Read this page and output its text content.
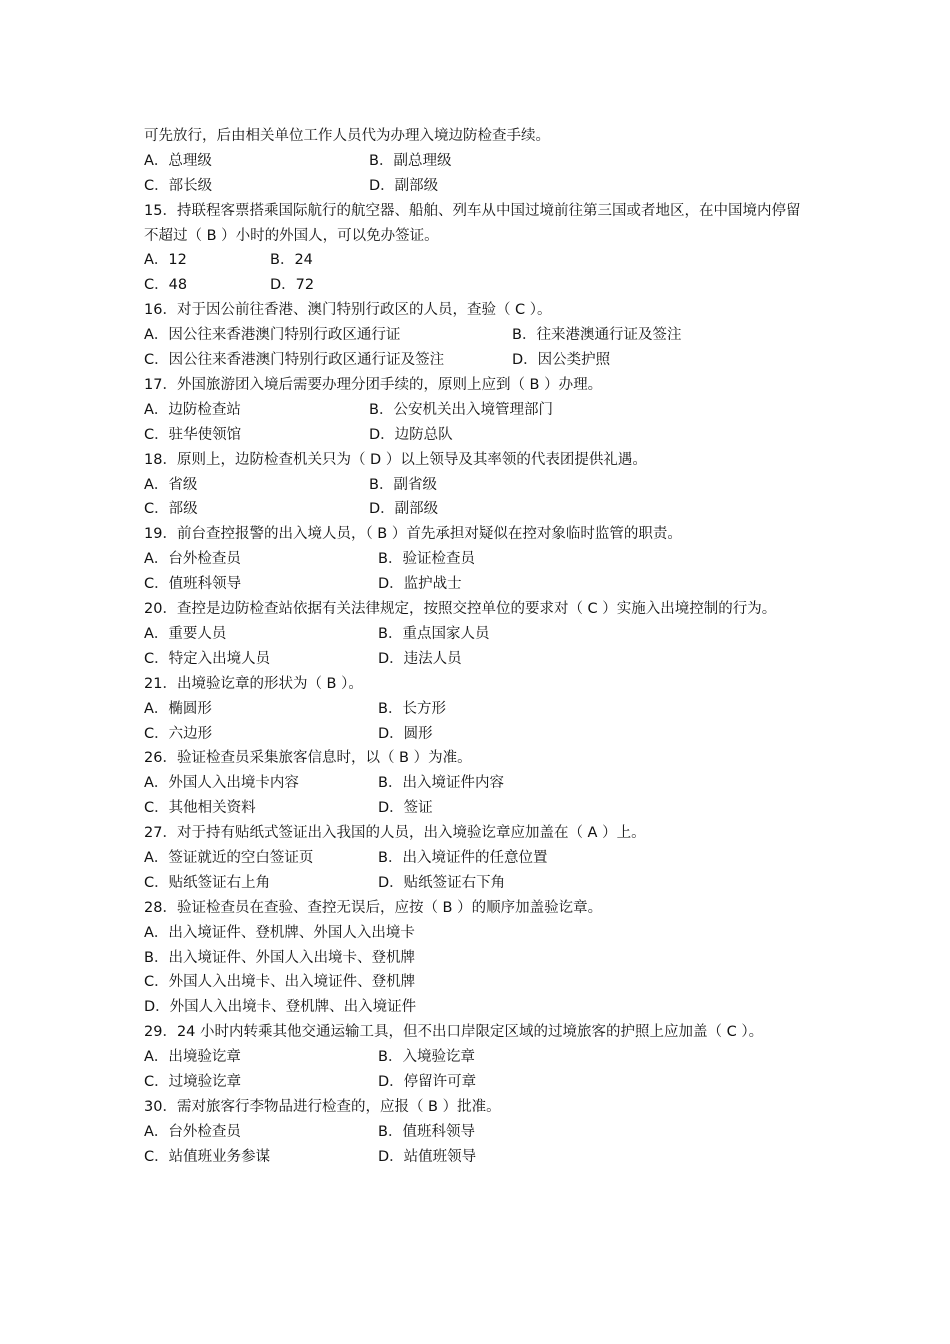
可先放行，后由相关单位工作人员代为办理入境边防检查手续。
A．总理级	B．副总理级
C．部长级	D．副部级
15．持联程客票搭乘国际航行的航空器、船舶、列车从中国过境前往第三国或者地区，在中国境内停留不超过（ B ）小时的外国人，可以免办签证。
A．12	B．24
C．48	D．72
16．对于因公前往香港、澳门特别行政区的人员，查验（ C ）。
A．因公往来香港澳门特别行政区通行证	B．往来港澳通行证及签注
C．因公往来香港澳门特别行政区通行证及签注	D．因公类护照
17．外国旅游团入境后需要办理分团手续的，原则上应到（ B ）办理。
A．边防检查站	B．公安机关出入境管理部门
C．驻华使领馆	D．边防总队
18．原则上，边防检查机关只为（ D ）以上领导及其率领的代表团提供礼遇。
A．省级	B．副省级
C．部级	D．副部级
19．前台查控报警的出入境人员，（ B ）首先承担对疑似在控对象临时监管的职责。
A．台外检查员	B．验证检查员
C．值班科领导	D．监护战士
20．查控是边防检查站依据有关法律规定，按照交控单位的要求对（ C ）实施入出境控制的行为。
A．重要人员	B．重点国家人员
C．特定入出境人员	D．违法人员
21．出境验讫章的形状为（ B ）。
A．椭圆形	B．长方形
C．六边形	D．圆形
26．验证检查员采集旅客信息时，以（ B ）为准。
A．外国人入出境卡内容	B．出入境证件内容
C．其他相关资料	D．签证
27．对于持有贴纸式签证出入我国的人员，出入境验讫章应加盖在（ A ）上。
A．签证就近的空白签证页	B．出入境证件的任意位置
C．贴纸签证右上角	D．贴纸签证右下角
28．验证检查员在查验、查控无误后，应按（ B ）的顺序加盖验讫章。
A．出入境证件、登机牌、外国人入出境卡
B．出入境证件、外国人入出境卡、登机牌
C．外国人入出境卡、出入境证件、登机牌
D．外国人入出境卡、登机牌、出入境证件
29．24 小时内转乘其他交通运输工具，但不出口岸限定区域的过境旅客的护照上应加盖（ C ）。
A．出境验讫章	B．入境验讫章
C．过境验讫章	D．停留许可章
30．需对旅客行李物品进行检查的，应报（ B ）批准。
A．台外检查员	B．值班科领导
C．站值班业务参谋	D．站值班领导
